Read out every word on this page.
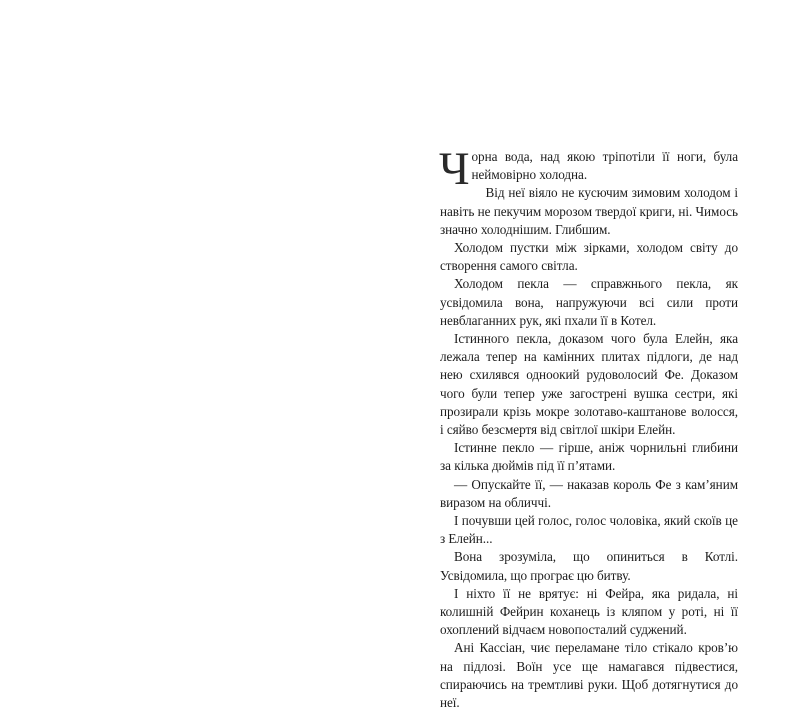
Чорна вода, над якою тріпотіли її ноги, була неймовірно холодна.

Від неї віяло не кусючим зимовим холодом і навіть не пекучим морозом твердої криги, ні. Чимось значно холоднішим. Глибшим.

Холодом пустки між зірками, холодом світу до створення самого світла.

Холодом пекла — справжнього пекла, як усвідомила вона, напружуючи всі сили проти невблаганних рук, які пхали її в Котел.

Істинного пекла, доказом чого була Елейн, яка лежала тепер на камінних плитах підлоги, де над нею схилявся одноокий рудоволосий Фе. Доказом чого були тепер уже загострені вушка сестри, які прозирали крізь мокре золотаво-каштанове волосся, і сяйво безсмертя від світлої шкіри Елейн.

Істинне пекло — гірше, аніж чорнильні глибини за кілька дюймів під її п’ятами.

— Опускайте її, — наказав король Фе з кам’яним виразом на обличчі.

І почувши цей голос, голос чоловіка, який скоїв це з Елейн...

Вона зрозуміла, що опиниться в Котлі. Усвідомила, що програє цю битву.

І ніхто її не врятує: ні Фейра, яка ридала, ні колишній Фейрин коханець із кляпом у роті, ні її охоплений відчаєм новопосталий суджений.

Ані Кассіан, чиє переламане тіло стікало кров’ю на підлозі. Воїн усе ще намагався підвестися, спираючись на тремтливі руки. Щоб дотягнутися до неї.
